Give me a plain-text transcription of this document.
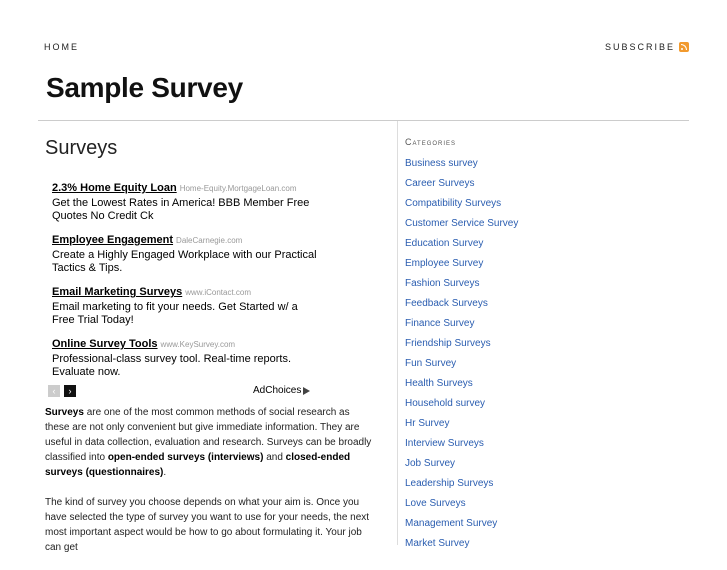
HOME	SUBSCRIBE
Sample Survey
Surveys
2.3% Home Equity Loan Home-Equity.MortgageLoan.com
Get the Lowest Rates in America! BBB Member Free Quotes No Credit Ck
Employee Engagement DaleCarnegie.com
Create a Highly Engaged Workplace with our Practical Tactics & Tips.
Email Marketing Surveys www.iContact.com
Email marketing to fit your needs. Get Started w/ a Free Trial Today!
Online Survey Tools www.KeySurvey.com
Professional-class survey tool. Real-time reports. Evaluate now.
‹	›	AdChoices

Surveys are one of the most common methods of social research as these are not only convenient but give immediate information. They are useful in data collection, evaluation and research. Surveys can be broadly classified into open-ended surveys (interviews) and closed-ended surveys (questionnaires).

The kind of survey you choose depends on what your aim is. Once you have selected the type of survey you want to use for your needs, the next most important aspect would be how to go about formulating it. Your job can get

Categories
Business survey
Career Surveys
Compatibility Surveys
Customer Service Survey
Education Survey
Employee Survey
Fashion Surveys
Feedback Surveys
Finance Survey
Friendship Surveys
Fun Survey
Health Surveys
Household survey
Hr Survey
Interview Surveys
Job Survey
Leadership Surveys
Love Surveys
Management Survey
Market Survey
